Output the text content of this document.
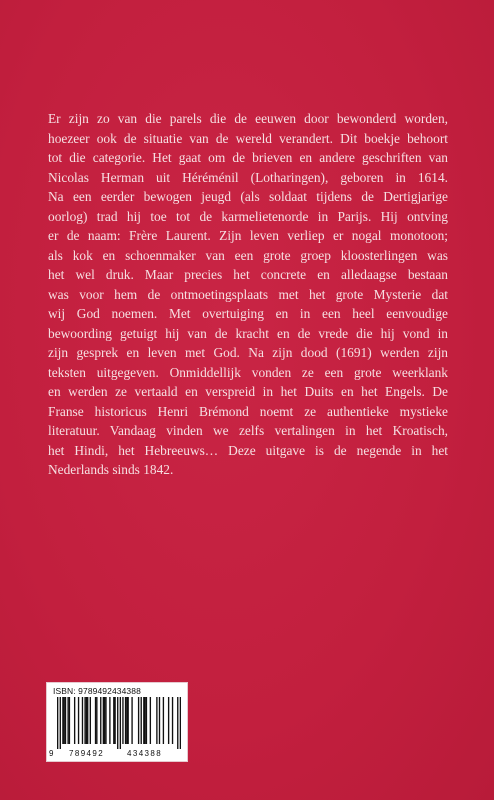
Er zijn zo van die parels die de eeuwen door bewonderd worden,
hoezeer ook de situatie van de wereld verandert. Dit boekje behoort
tot die categorie. Het gaat om de brieven en andere geschriften van
Nicolas Herman uit Héréménil (Lotharingen), geboren in 1614.
Na een eerder bewogen jeugd (als soldaat tijdens de Dertigjarige
oorlog) trad hij toe tot de karmelietenorde in Parijs. Hij ontving
er de naam: Frère Laurent. Zijn leven verliep er nogal monotoon;
als kok en schoenmaker van een grote groep kloosterlingen was
het wel druk. Maar precies het concrete en alledaagse bestaan
was voor hem de ontmoetingsplaats met het grote Mysterie dat
wij God noemen. Met overtuiging en in een heel eenvoudige
bewoording getuigt hij van de kracht en de vrede die hij vond in
zijn gesprek en leven met God. Na zijn dood (1691) werden zijn
teksten uitgegeven. Onmiddellijk vonden ze een grote weerklank
en werden ze vertaald en verspreid in het Duits en het Engels. De
Franse historicus Henri Brémond noemt ze authentieke mystieke
literatuur. Vandaag vinden we zelfs vertalingen in het Kroatisch,
het Hindi, het Hebreeuws… Deze uitgave is de negende in het
Nederlands sinds 1842.
ISBN: 9789492434388
9 789492	434388
